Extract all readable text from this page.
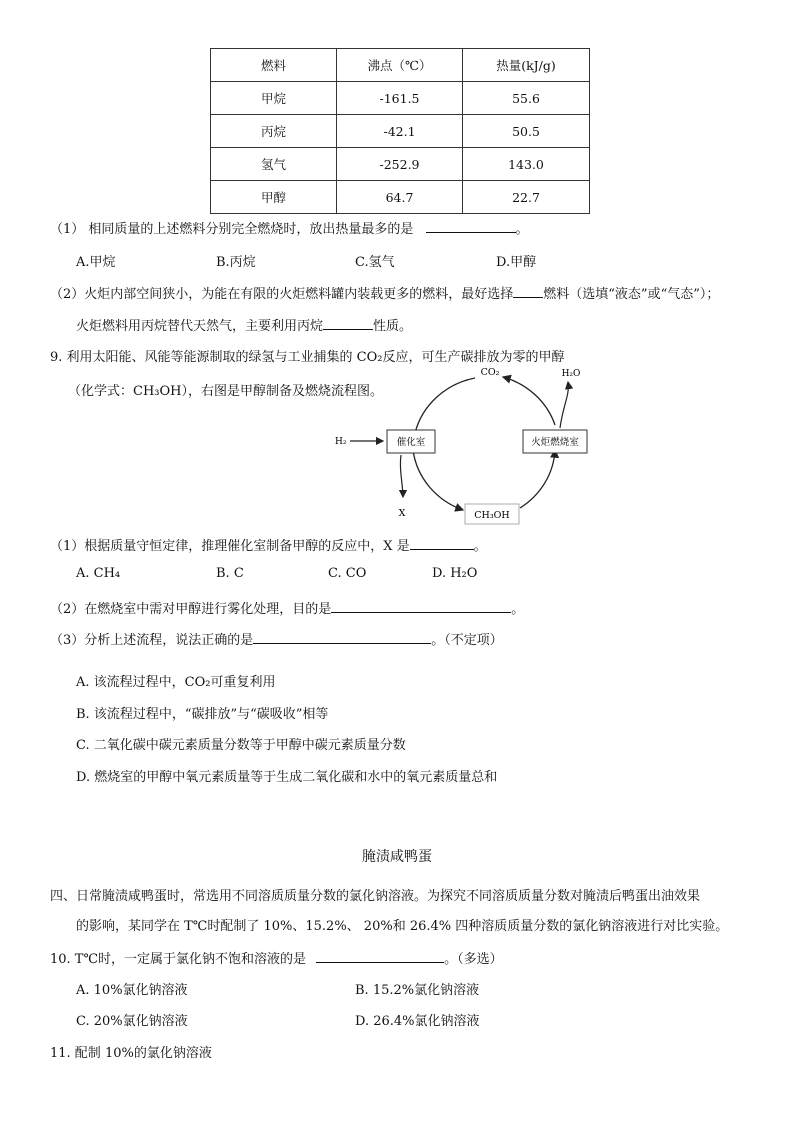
燃料	沸点（℃）	热量(kJ/g)
甲烷	-161.5	55.6
丙烷	-42.1	50.5
氢气	-252.9	143.0
甲醇	64.7	22.7
（1） 相同质量的上述燃料分别完全燃烧时，放出热量最多的是	。
A.甲烷	B.丙烷	C.氢气	D.甲醇
（2）火炬内部空间狭小，为能在有限的火炬燃料罐内装载更多的燃料，最好选择 燃料（选填“液态”或“气态”）；
火炬燃料用丙烷替代天然气，主要利用丙烷	性质。
9. 利用太阳能、风能等能源制取的绿氢与工业捕集的 CO₂反应，可生产碳排放为零的甲醇
（化学式：CH₃OH），右图是甲醇制备及燃烧流程图。
H₂	催化室	火炬燃烧室
CO₂	H₂O
X	CH₃OH
（1）根据质量守恒定律，推理催化室制备甲醇的反应中，X 是	。
A. CH₄	B. C	C. CO	D. H₂O
（2）在燃烧室中需对甲醇进行雾化处理，目的是	。
（3）分析上述流程，说法正确的是	。（不定项）
A. 该流程过程中，CO₂可重复利用
B. 该流程过程中，“碳排放”与“碳吸收”相等
C. 二氧化碳中碳元素质量分数等于甲醇中碳元素质量分数
D. 燃烧室的甲醇中氧元素质量等于生成二氧化碳和水中的氧元素质量总和
腌渍咸鸭蛋
四、日常腌渍咸鸭蛋时，常选用不同溶质质量分数的氯化钠溶液。为探究不同溶质质量分数对腌渍后鸭蛋出油效果
的影响，某同学在 T℃时配制了 10%、15.2%、 20%和 26.4% 四种溶质质量分数的氯化钠溶液进行对比实验。
10. T℃时，一定属于氯化钠不饱和溶液的是	。（多选）
A. 10%氯化钠溶液	B. 15.2%氯化钠溶液
C. 20%氯化钠溶液	D. 26.4%氯化钠溶液
11. 配制 10%的氯化钠溶液
